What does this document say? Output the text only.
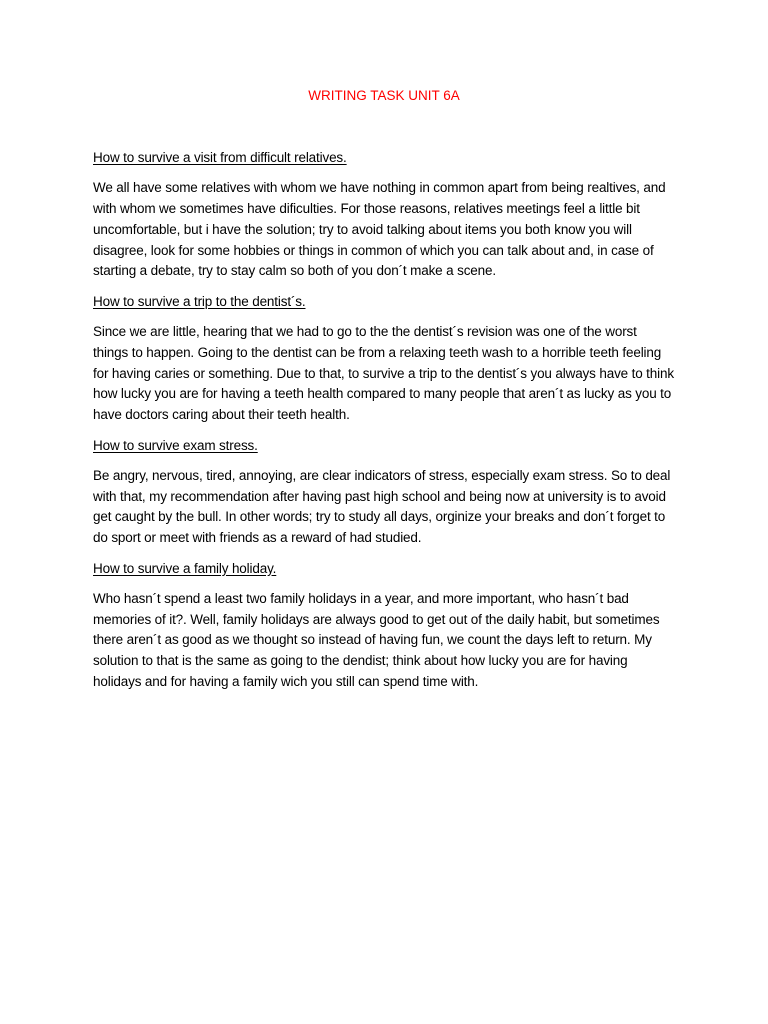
WRITING TASK UNIT 6A

How to survive a visit from difficult relatives.

We all have some relatives with whom we have nothing in common apart from being realtives, and with whom we sometimes have dificulties. For those reasons, relatives meetings feel a little bit uncomfortable, but i have the solution; try to avoid talking about items you both know you will disagree, look for some hobbies or things in common of which you can talk about and, in case of starting a debate, try to stay calm so both of you don´t make a scene.

How to survive a trip to the dentist´s.

Since we are little, hearing that we had to go to the the dentist´s revision was one of the worst things to happen. Going to the dentist can be from a relaxing teeth wash to a horrible teeth feeling for having caries or something. Due to that, to survive a trip to the dentist´s you always have to think how lucky you are for having a teeth health compared to many people that aren´t as lucky as you to have doctors caring about their teeth health.

How to survive exam stress.

Be angry, nervous, tired, annoying, are clear indicators of stress, especially exam stress. So to deal with that, my recommendation after having past high school and being now at university is to avoid get caught by the bull. In other words; try to study all days, orginize your breaks and don´t forget to do sport or meet with friends as a reward of had studied.

How to survive a family holiday.

Who hasn´t spend a least two family holidays in a year, and more important, who hasn´t bad memories of it?. Well, family holidays are always good to get out of the daily habit, but sometimes there aren´t as good as we thought so instead of having fun, we count the days left to return. My solution to that is the same as going to the dendist; think about how lucky you are for having holidays and for having a family wich you still can spend time with.
